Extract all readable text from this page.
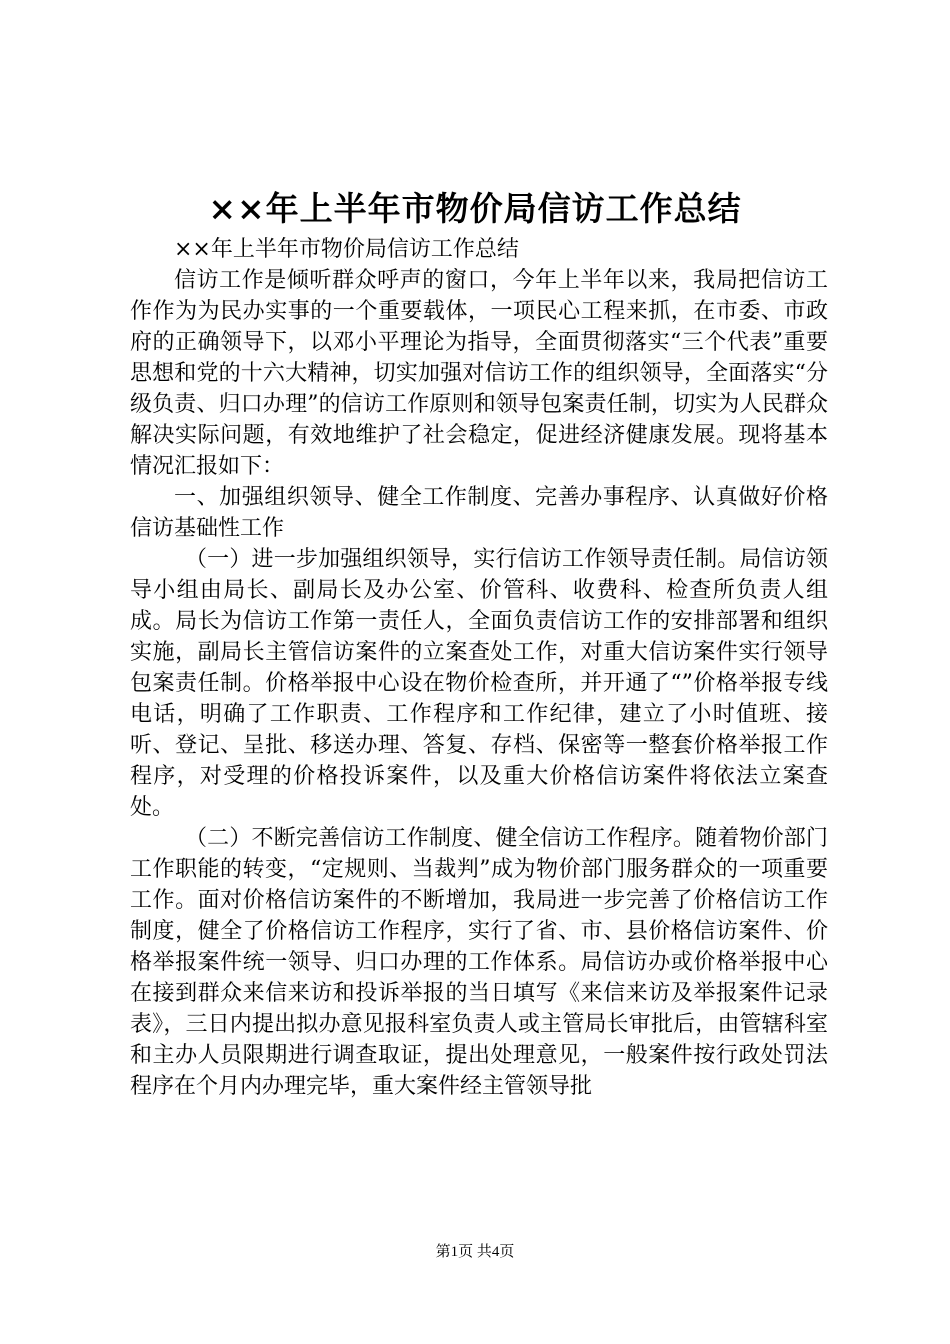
××年上半年市物价局信访工作总结

××年上半年市物价局信访工作总结

信访工作是倾听群众呼声的窗口，今年上半年以来，我局把信访工作作为为民办实事的一个重要载体，一项民心工程来抓，在市委、市政府的正确领导下，以邓小平理论为指导，全面贯彻落实“三个代表”重要思想和党的十六大精神，切实加强对信访工作的组织领导，全面落实“分级负责、归口办理”的信访工作原则和领导包案责任制，切实为人民群众解决实际问题，有效地维护了社会稳定，促进经济健康发展。现将基本情况汇报如下：

一、加强组织领导、健全工作制度、完善办事程序、认真做好价格信访基础性工作

（一）进一步加强组织领导，实行信访工作领导责任制。局信访领导小组由局长、副局长及办公室、价管科、收费科、检查所负责人组成。局长为信访工作第一责任人，全面负责信访工作的安排部署和组织实施，副局长主管信访案件的立案查处工作，对重大信访案件实行领导包案责任制。价格举报中心设在物价检查所，并开通了“”价格举报专线电话，明确了工作职责、工作程序和工作纪律，建立了小时值班、接听、登记、呈批、移送办理、答复、存档、保密等一整套价格举报工作程序，对受理的价格投诉案件，以及重大价格信访案件将依法立案查处。

（二）不断完善信访工作制度、健全信访工作程序。随着物价部门工作职能的转变，“定规则、当裁判”成为物价部门服务群众的一项重要工作。面对价格信访案件的不断增加，我局进一步完善了价格信访工作制度，健全了价格信访工作程序，实行了省、市、县价格信访案件、价格举报案件统一领导、归口办理的工作体系。局信访办或价格举报中心在接到群众来信来访和投诉举报的当日填写《来信来访及举报案件记录表》，三日内提出拟办意见报科室负责人或主管局长审批后，由管辖科室和主办人员限期进行调查取证，提出处理意见，一般案件按行政处罚法程序在个月内办理完毕，重大案件经主管领导批

第1页 共4页
